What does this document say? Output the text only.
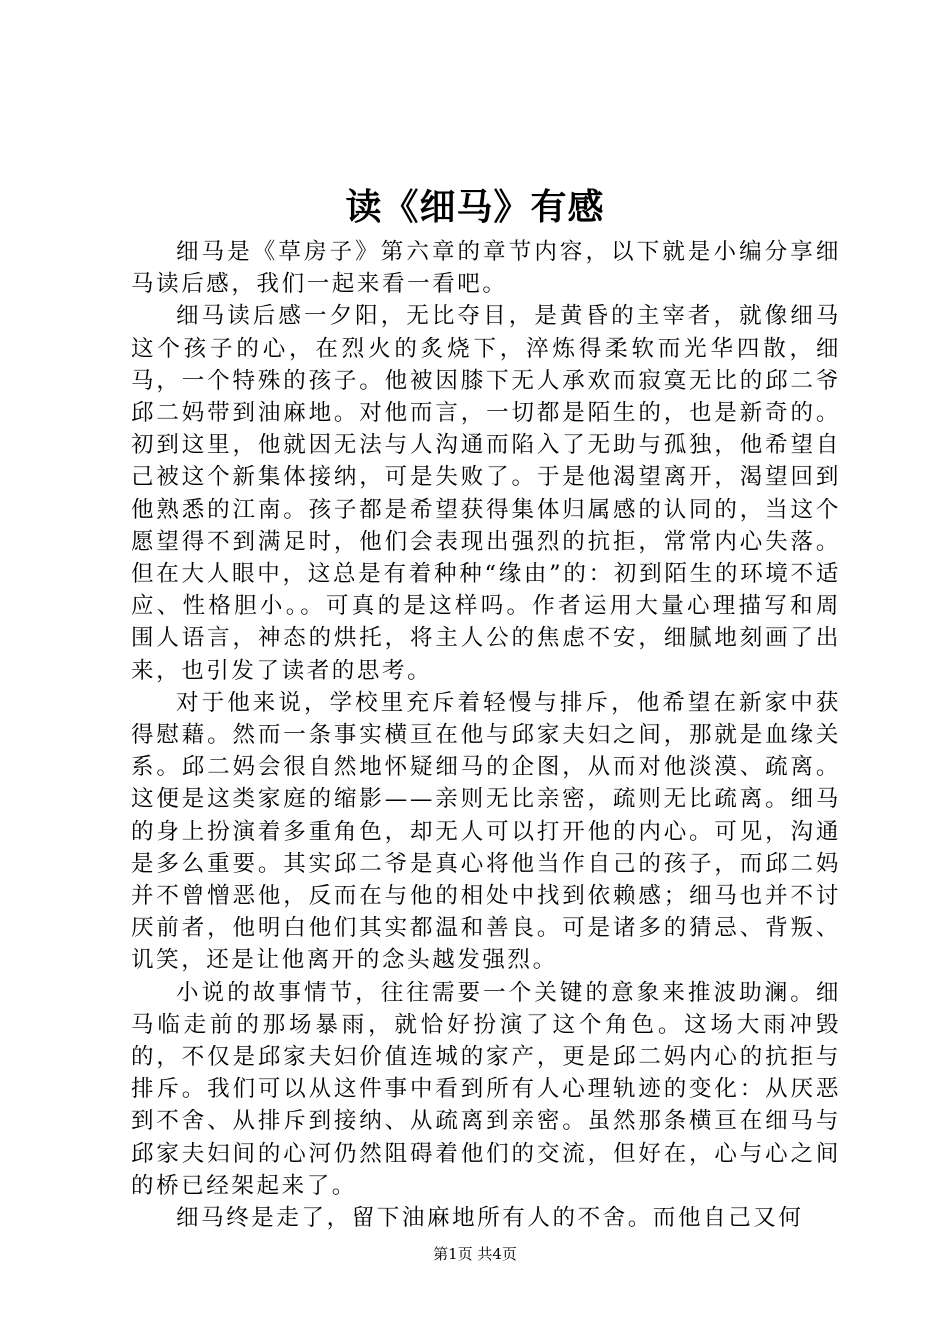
读《细马》有感

细马是《草房子》第六章的章节内容，以下就是小编分享细马读后感，我们一起来看一看吧。

细马读后感一夕阳，无比夺目，是黄昏的主宰者，就像细马这个孩子的心，在烈火的炙烧下，淬炼得柔软而光华四散，细马，一个特殊的孩子。他被因膝下无人承欢而寂寞无比的邱二爷邱二妈带到油麻地。对他而言，一切都是陌生的，也是新奇的。初到这里，他就因无法与人沟通而陷入了无助与孤独，他希望自己被这个新集体接纳，可是失败了。于是他渴望离开，渴望回到他熟悉的江南。孩子都是希望获得集体归属感的认同的，当这个愿望得不到满足时，他们会表现出强烈的抗拒，常常内心失落。但在大人眼中，这总是有着种种“缘由”的：初到陌生的环境不适应、性格胆小。。可真的是这样吗。作者运用大量心理描写和周围人语言，神态的烘托，将主人公的焦虑不安，细腻地刻画了出来，也引发了读者的思考。

对于他来说，学校里充斥着轻慢与排斥，他希望在新家中获得慰藉。然而一条事实横亘在他与邱家夫妇之间，那就是血缘关系。邱二妈会很自然地怀疑细马的企图，从而对他淡漠、疏离。这便是这类家庭的缩影——亲则无比亲密，疏则无比疏离。细马的身上扮演着多重角色，却无人可以打开他的内心。可见，沟通是多么重要。其实邱二爷是真心将他当作自己的孩子，而邱二妈并不曾憎恶他，反而在与他的相处中找到依赖感；细马也并不讨厌前者，他明白他们其实都温和善良。可是诸多的猜忌、背叛、讥笑，还是让他离开的念头越发强烈。

小说的故事情节，往往需要一个关键的意象来推波助澜。细马临走前的那场暴雨，就恰好扮演了这个角色。这场大雨冲毁的，不仅是邱家夫妇价值连城的家产，更是邱二妈内心的抗拒与排斥。我们可以从这件事中看到所有人心理轨迹的变化：从厌恶到不舍、从排斥到接纳、从疏离到亲密。虽然那条横亘在细马与邱家夫妇间的心河仍然阻碍着他们的交流，但好在，心与心之间的桥已经架起来了。

细马终是走了，留下油麻地所有人的不舍。而他自己又何

第1页 共4页
